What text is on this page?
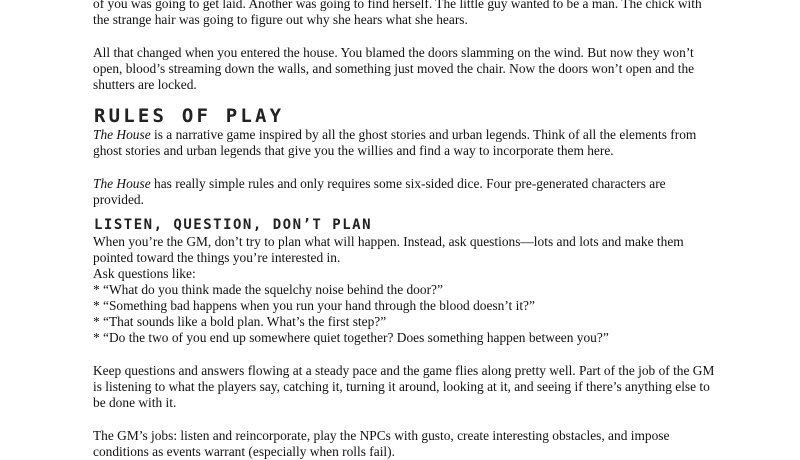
of you was going to get laid. Another was going to find herself. The little guy wanted to be a man. The chick with

the strange hair was going to figure out why she hears what she hears.

All that changed when you entered the house. You blamed the doors slamming on the wind. But now they won’t

open, blood’s streaming down the walls, and something just moved the chair. Now the doors won’t open and the

shutters are locked.

RULES OF PLAY

The House is a narrative game inspired by all the ghost stories and urban legends. Think of all the elements from

ghost stories and urban legends that give you the willies and find a way to incorporate them here.

The House has really simple rules and only requires some six-sided dice. Four pre-generated characters are

provided.

LISTEN, QUESTION, DON’T PLAN

When you’re the GM, don’t try to plan what will happen. Instead, ask questions—lots and lots and make them

pointed toward the things you’re interested in.

Ask questions like:

* “What do you think made the squelchy noise behind the door?”

* “Something bad happens when you run your hand through the blood doesn’t it?”

* “That sounds like a bold plan. What’s the first step?”

* “Do the two of you end up somewhere quiet together? Does something happen between you?”

Keep questions and answers flowing at a steady pace and the game flies along pretty well. Part of the job of the GM

is listening to what the players say, catching it, turning it around, looking at it, and seeing if there’s anything else to

be done with it.

The GM’s jobs: listen and reincorporate, play the NPCs with gusto, create interesting obstacles, and impose

conditions as events warrant (especially when rolls fail).
